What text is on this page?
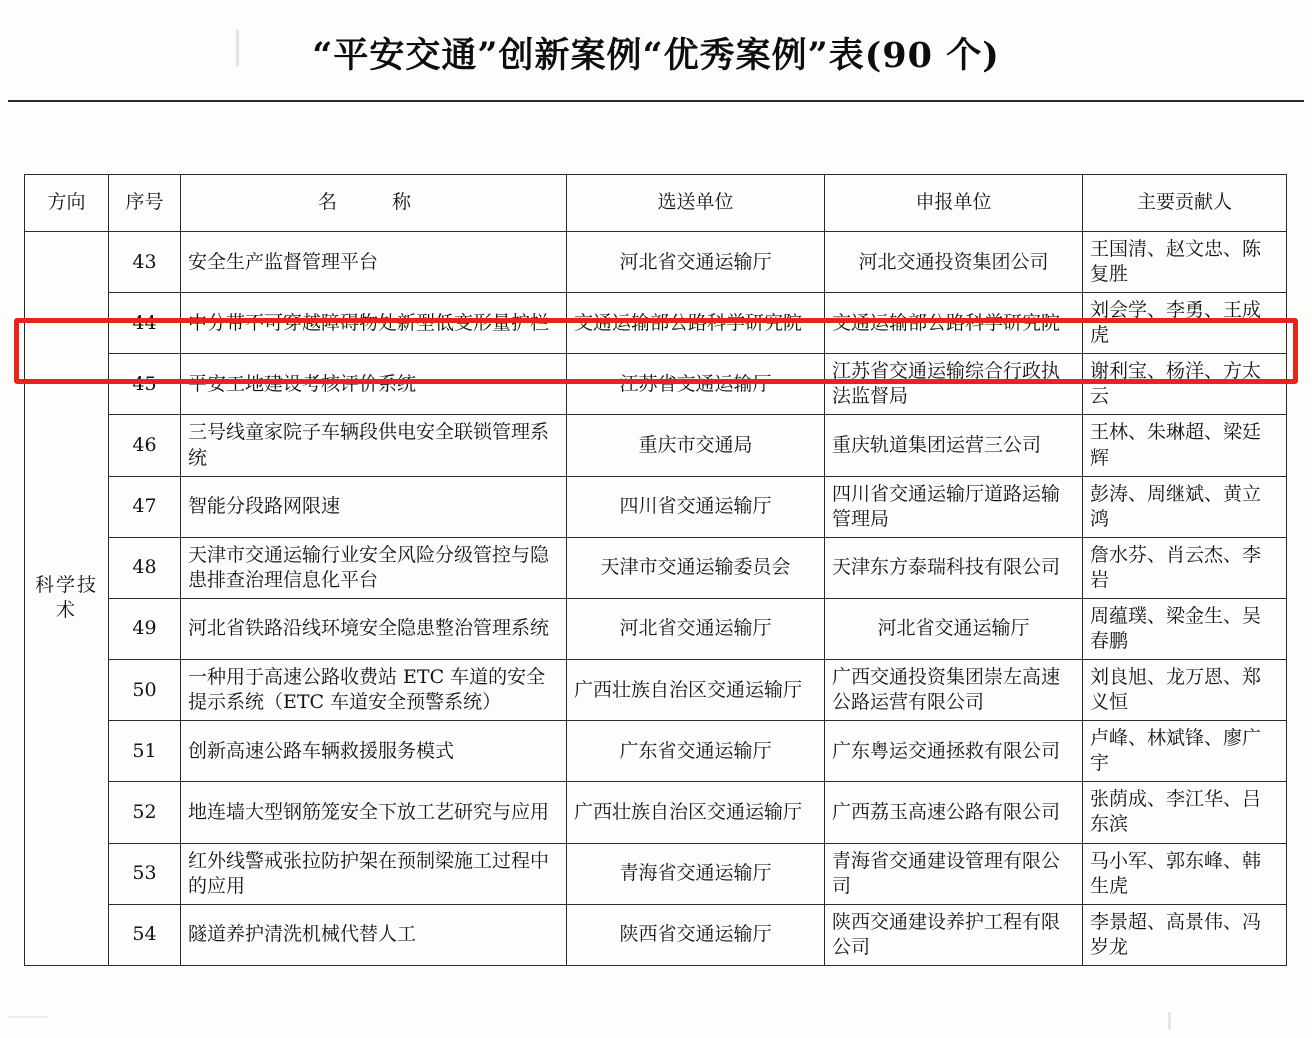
“平安交通”创新案例“优秀案例”表(90 个)
方向	序号	名　称	选送单位	申报单位	主要贡献人
科学技术	43	安全生产监督管理平台	河北省交通运输厅	河北交通投资集团公司	王国清、赵文忠、陈复胜
	44	中分带不可穿越障碍物处新型低变形量护栏	交通运输部公路科学研究院	交通运输部公路科学研究院	刘会学、李勇、王成虎
	45	平安工地建设考核评价系统	江苏省交通运输厅	江苏省交通运输综合行政执法监督局	谢利宝、杨洋、方太云
	46	三号线童家院子车辆段供电安全联锁管理系统	重庆市交通局	重庆轨道集团运营三公司	王林、朱琳超、梁廷辉
	47	智能分段路网限速	四川省交通运输厅	四川省交通运输厅道路运输管理局	彭涛、周继斌、黄立鸿
	48	天津市交通运输行业安全风险分级管控与隐患排查治理信息化平台	天津市交通运输委员会	天津东方泰瑞科技有限公司	詹水芬、肖云杰、李岩
	49	河北省铁路沿线环境安全隐患整治管理系统	河北省交通运输厅	河北省交通运输厅	周蕴璞、梁金生、吴春鹏
	50	一种用于高速公路收费站 ETC 车道的安全提示系统（ETC 车道安全预警系统）	广西壮族自治区交通运输厅	广西交通投资集团崇左高速公路运营有限公司	刘良旭、龙万恩、郑义恒
	51	创新高速公路车辆救援服务模式	广东省交通运输厅	广东粤运交通拯救有限公司	卢峰、林斌锋、廖广宇
	52	地连墙大型钢筋笼安全下放工艺研究与应用	广西壮族自治区交通运输厅	广西荔玉高速公路有限公司	张荫成、李江华、吕东滨
	53	红外线警戒张拉防护架在预制梁施工过程中的应用	青海省交通运输厅	青海省交通建设管理有限公司	马小军、郭东峰、韩生虎
	54	隧道养护清洗机械代替人工	陕西省交通运输厅	陕西交通建设养护工程有限公司	李景超、高景伟、冯岁龙
